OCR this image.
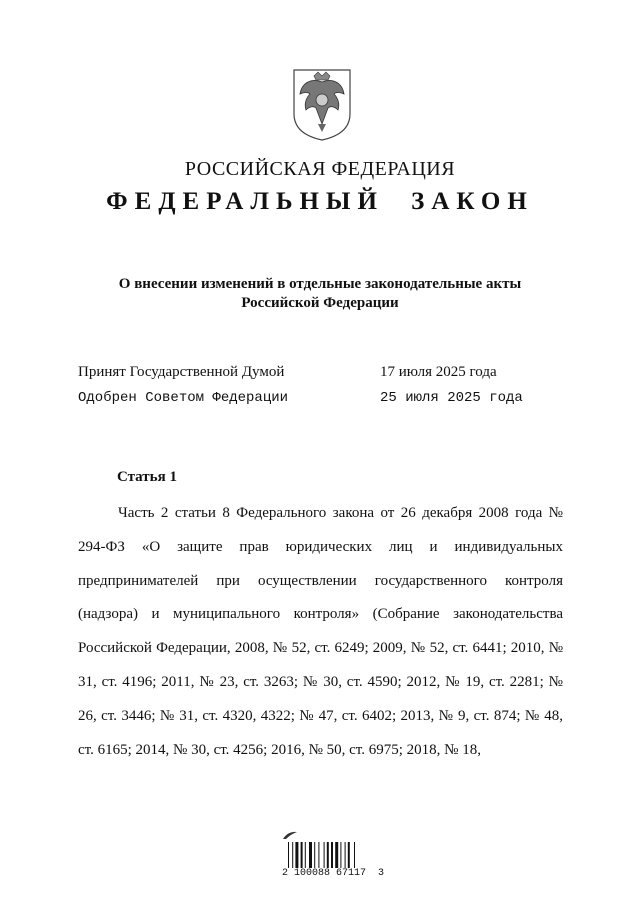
РОССИЙСКАЯ ФЕДЕРАЦИЯ
ФЕДЕРАЛЬНЫЙ ЗАКОН
О внесении изменений в отдельные законодательные акты
Российской Федерации
Принят Государственной Думой	17 июля 2025 года
Одобрен Советом Федерации	25 июля 2025 года
Статья 1

Часть 2 статьи 8 Федерального закона от 26 декабря 2008 года № 294-ФЗ «О защите прав юридических лиц и индивидуальных предпринимателей при осуществлении государственного контроля (надзора) и муниципального контроля» (Собрание законодательства Российской Федерации, 2008, № 52, ст. 6249; 2009, № 52, ст. 6441; 2010, № 31, ст. 4196; 2011, № 23, ст. 3263; № 30, ст. 4590; 2012, № 19, ст. 2281; № 26, ст. 3446; № 31, ст. 4320, 4322; № 47, ст. 6402; 2013, № 9, ст. 874; № 48, ст. 6165; 2014, № 30, ст. 4256; 2016, № 50, ст. 6975; 2018, № 18,

2 100088 67117  3
